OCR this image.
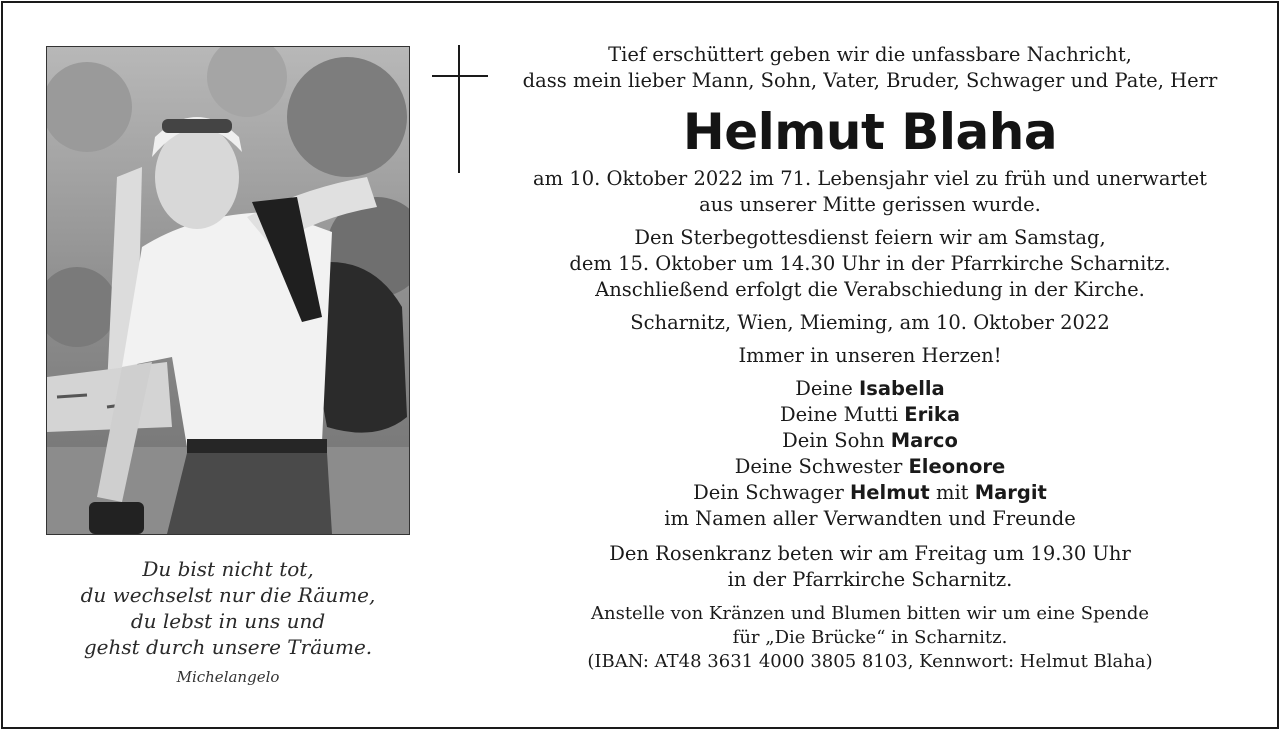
Du bist nicht tot,
du wechselst nur die Räume,
du lebst in uns und
gehst durch unsere Träume.
Michelangelo
Tief erschüttert geben wir die unfassbare Nachricht,
dass mein lieber Mann, Sohn, Vater, Bruder, Schwager und Pate, Herr
Helmut Blaha
am 10. Oktober 2022 im 71. Lebensjahr viel zu früh und unerwartet
aus unserer Mitte gerissen wurde.
Den Sterbegottesdienst feiern wir am Samstag,
dem 15. Oktober um 14.30 Uhr in der Pfarrkirche Scharnitz.
Anschließend erfolgt die Verabschiedung in der Kirche.
Scharnitz, Wien, Mieming, am 10. Oktober 2022
Immer in unseren Herzen!
Deine Isabella
Deine Mutti Erika
Dein Sohn Marco
Deine Schwester Eleonore
Dein Schwager Helmut mit Margit
im Namen aller Verwandten und Freunde
Den Rosenkranz beten wir am Freitag um 19.30 Uhr
in der Pfarrkirche Scharnitz.
Anstelle von Kränzen und Blumen bitten wir um eine Spende
für „Die Brücke“ in Scharnitz.
(IBAN: AT48 3631 4000 3805 8103, Kennwort: Helmut Blaha)
